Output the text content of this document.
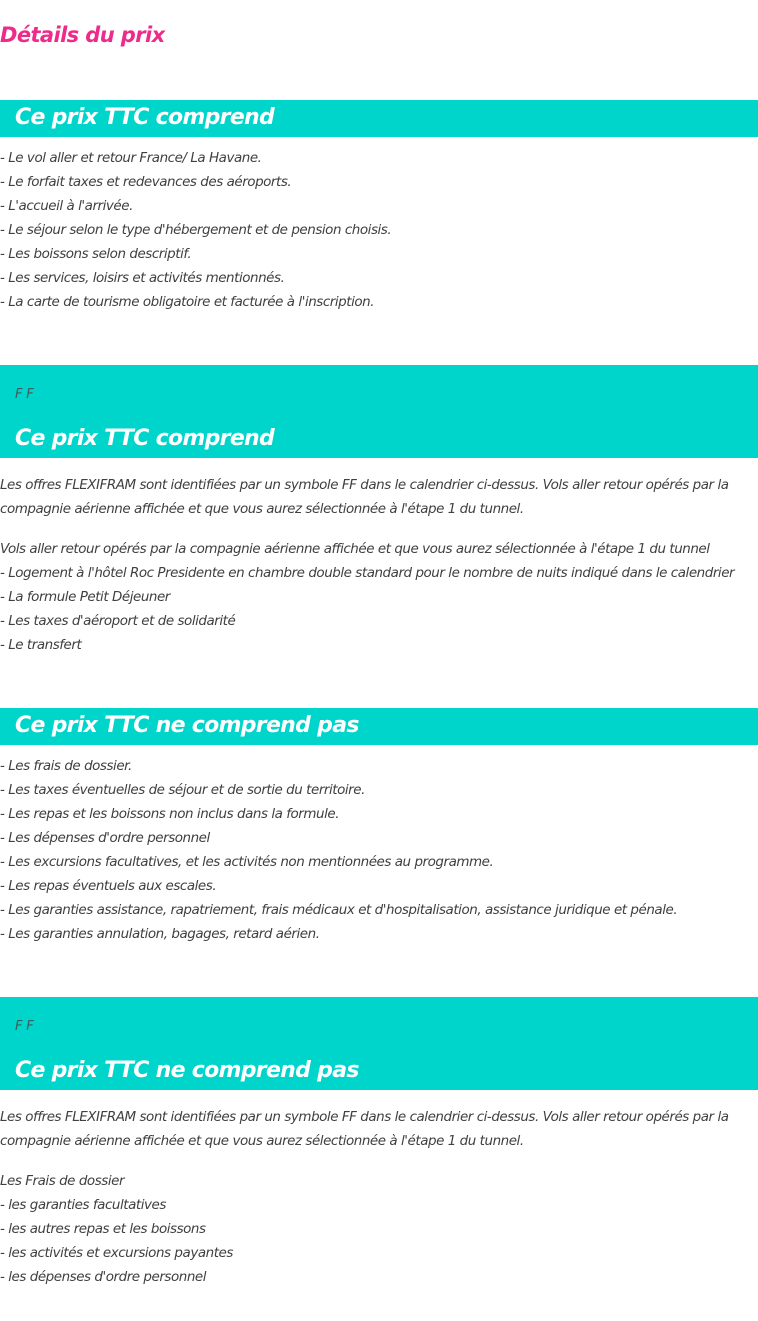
Détails du prix
Ce prix TTC comprend
- Le vol aller et retour France/ La Havane.
- Le forfait taxes et redevances des aéroports.
- L'accueil à l'arrivée.
- Le séjour selon le type d'hébergement et de pension choisis.
- Les boissons selon descriptif.
- Les services, loisirs et activités mentionnés.
- La carte de tourisme obligatoire et facturée à l'inscription.

F F

Ce prix TTC comprend
Les offres FLEXIFRAM sont identifiées par un symbole FF dans le calendrier ci-dessus. Vols aller retour opérés par la
compagnie aérienne affichée et que vous aurez sélectionnée à l'étape 1 du tunnel.
Vols aller retour opérés par la compagnie aérienne affichée et que vous aurez sélectionnée à l'étape 1 du tunnel
- Logement à l'hôtel Roc Presidente en chambre double standard pour le nombre de nuits indiqué dans le calendrier
- La formule Petit Déjeuner
- Les taxes d'aéroport et de solidarité
- Le transfert
Ce prix TTC ne comprend pas
- Les frais de dossier.
- Les taxes éventuelles de séjour et de sortie du territoire.
- Les repas et les boissons non inclus dans la formule.
- Les dépenses d'ordre personnel
- Les excursions facultatives, et les activités non mentionnées au programme.
- Les repas éventuels aux escales.
- Les garanties assistance, rapatriement, frais médicaux et d'hospitalisation, assistance juridique et pénale.
- Les garanties annulation, bagages, retard aérien.

F F

Ce prix TTC ne comprend pas
Les offres FLEXIFRAM sont identifiées par un symbole FF dans le calendrier ci-dessus. Vols aller retour opérés par la
compagnie aérienne affichée et que vous aurez sélectionnée à l'étape 1 du tunnel.
Les Frais de dossier
- les garanties facultatives
- les autres repas et les boissons
- les activités et excursions payantes
- les dépenses d'ordre personnel
